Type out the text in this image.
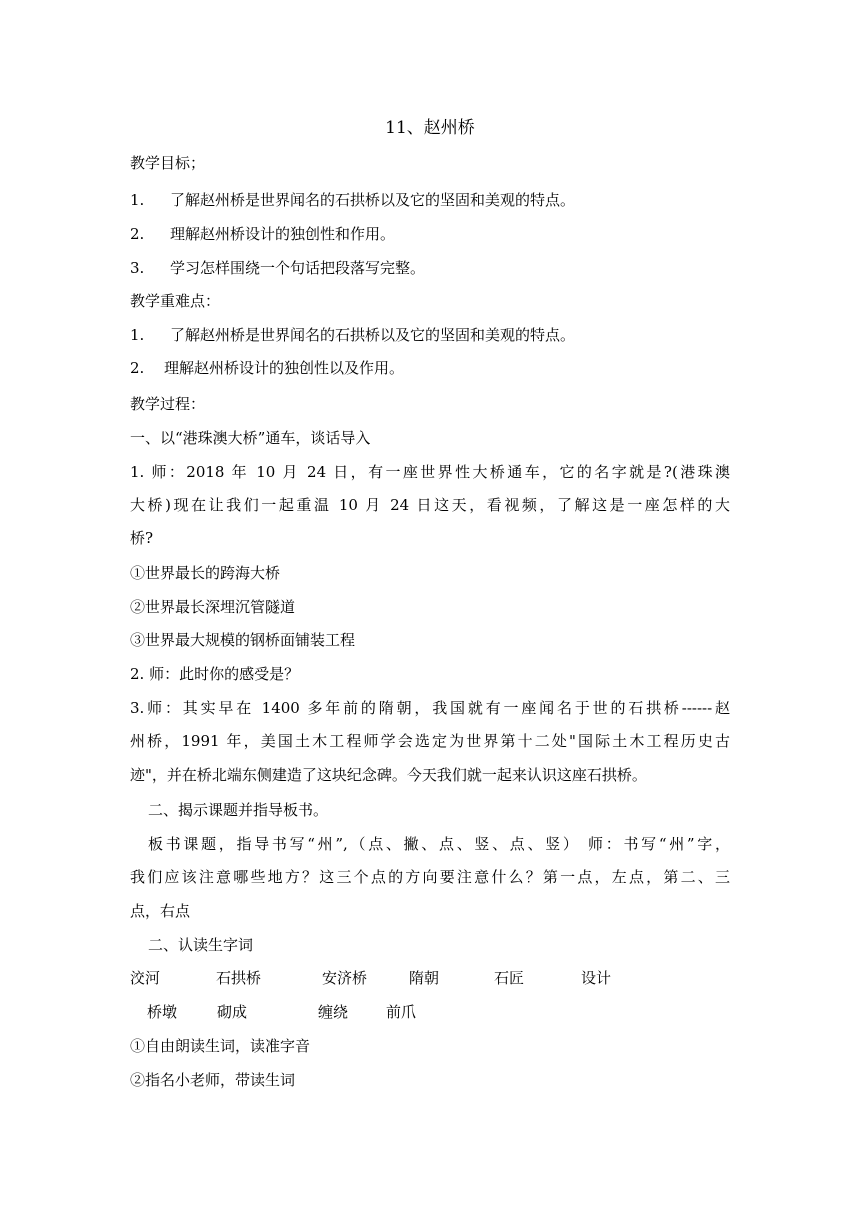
11、赵州桥
教学目标；
1. 了解赵州桥是世界闻名的石拱桥以及它的坚固和美观的特点。
2. 理解赵州桥设计的独创性和作用。
3. 学习怎样围绕一个句话把段落写完整。
教学重难点：
1. 了解赵州桥是世界闻名的石拱桥以及它的坚固和美观的特点。
2. 理解赵州桥设计的独创性以及作用。
教学过程：
一、以“港珠澳大桥”通车，谈话导入
1. 师：2018 年 10 月 24 日，有一座世界性大桥通车，它的名字就是?(港珠澳
大桥)现在让我们一起重温 10 月 24 日这天，看视频，了解这是一座怎样的大
桥?
①世界最长的跨海大桥
②世界最长深埋沉管隧道
③世界最大规模的钢桥面铺装工程
2. 师：此时你的感受是？
3.师：其实早在 1400 多年前的隋朝，我国就有一座闻名于世的石拱桥------赵
州桥，1991 年，美国土木工程师学会选定为世界第十二处"国际土木工程历史古
迹"，并在桥北端东侧建造了这块纪念碑。今天我们就一起来认识这座石拱桥。
二、揭示课题并指导板书。
板书课题，指导书写“州”,（点、撇、点、竖、点、竖） 师：书写“州”字，
我们应该注意哪些地方？这三个点的方向要注意什么？第一点，左点，第二、三
点，右点
二、认读生字词
洨河	石拱桥	安济桥	隋朝	石匠	设计
桥墩	砌成	缠绕	前爪
①自由朗读生词，读准字音
②指名小老师，带读生词
